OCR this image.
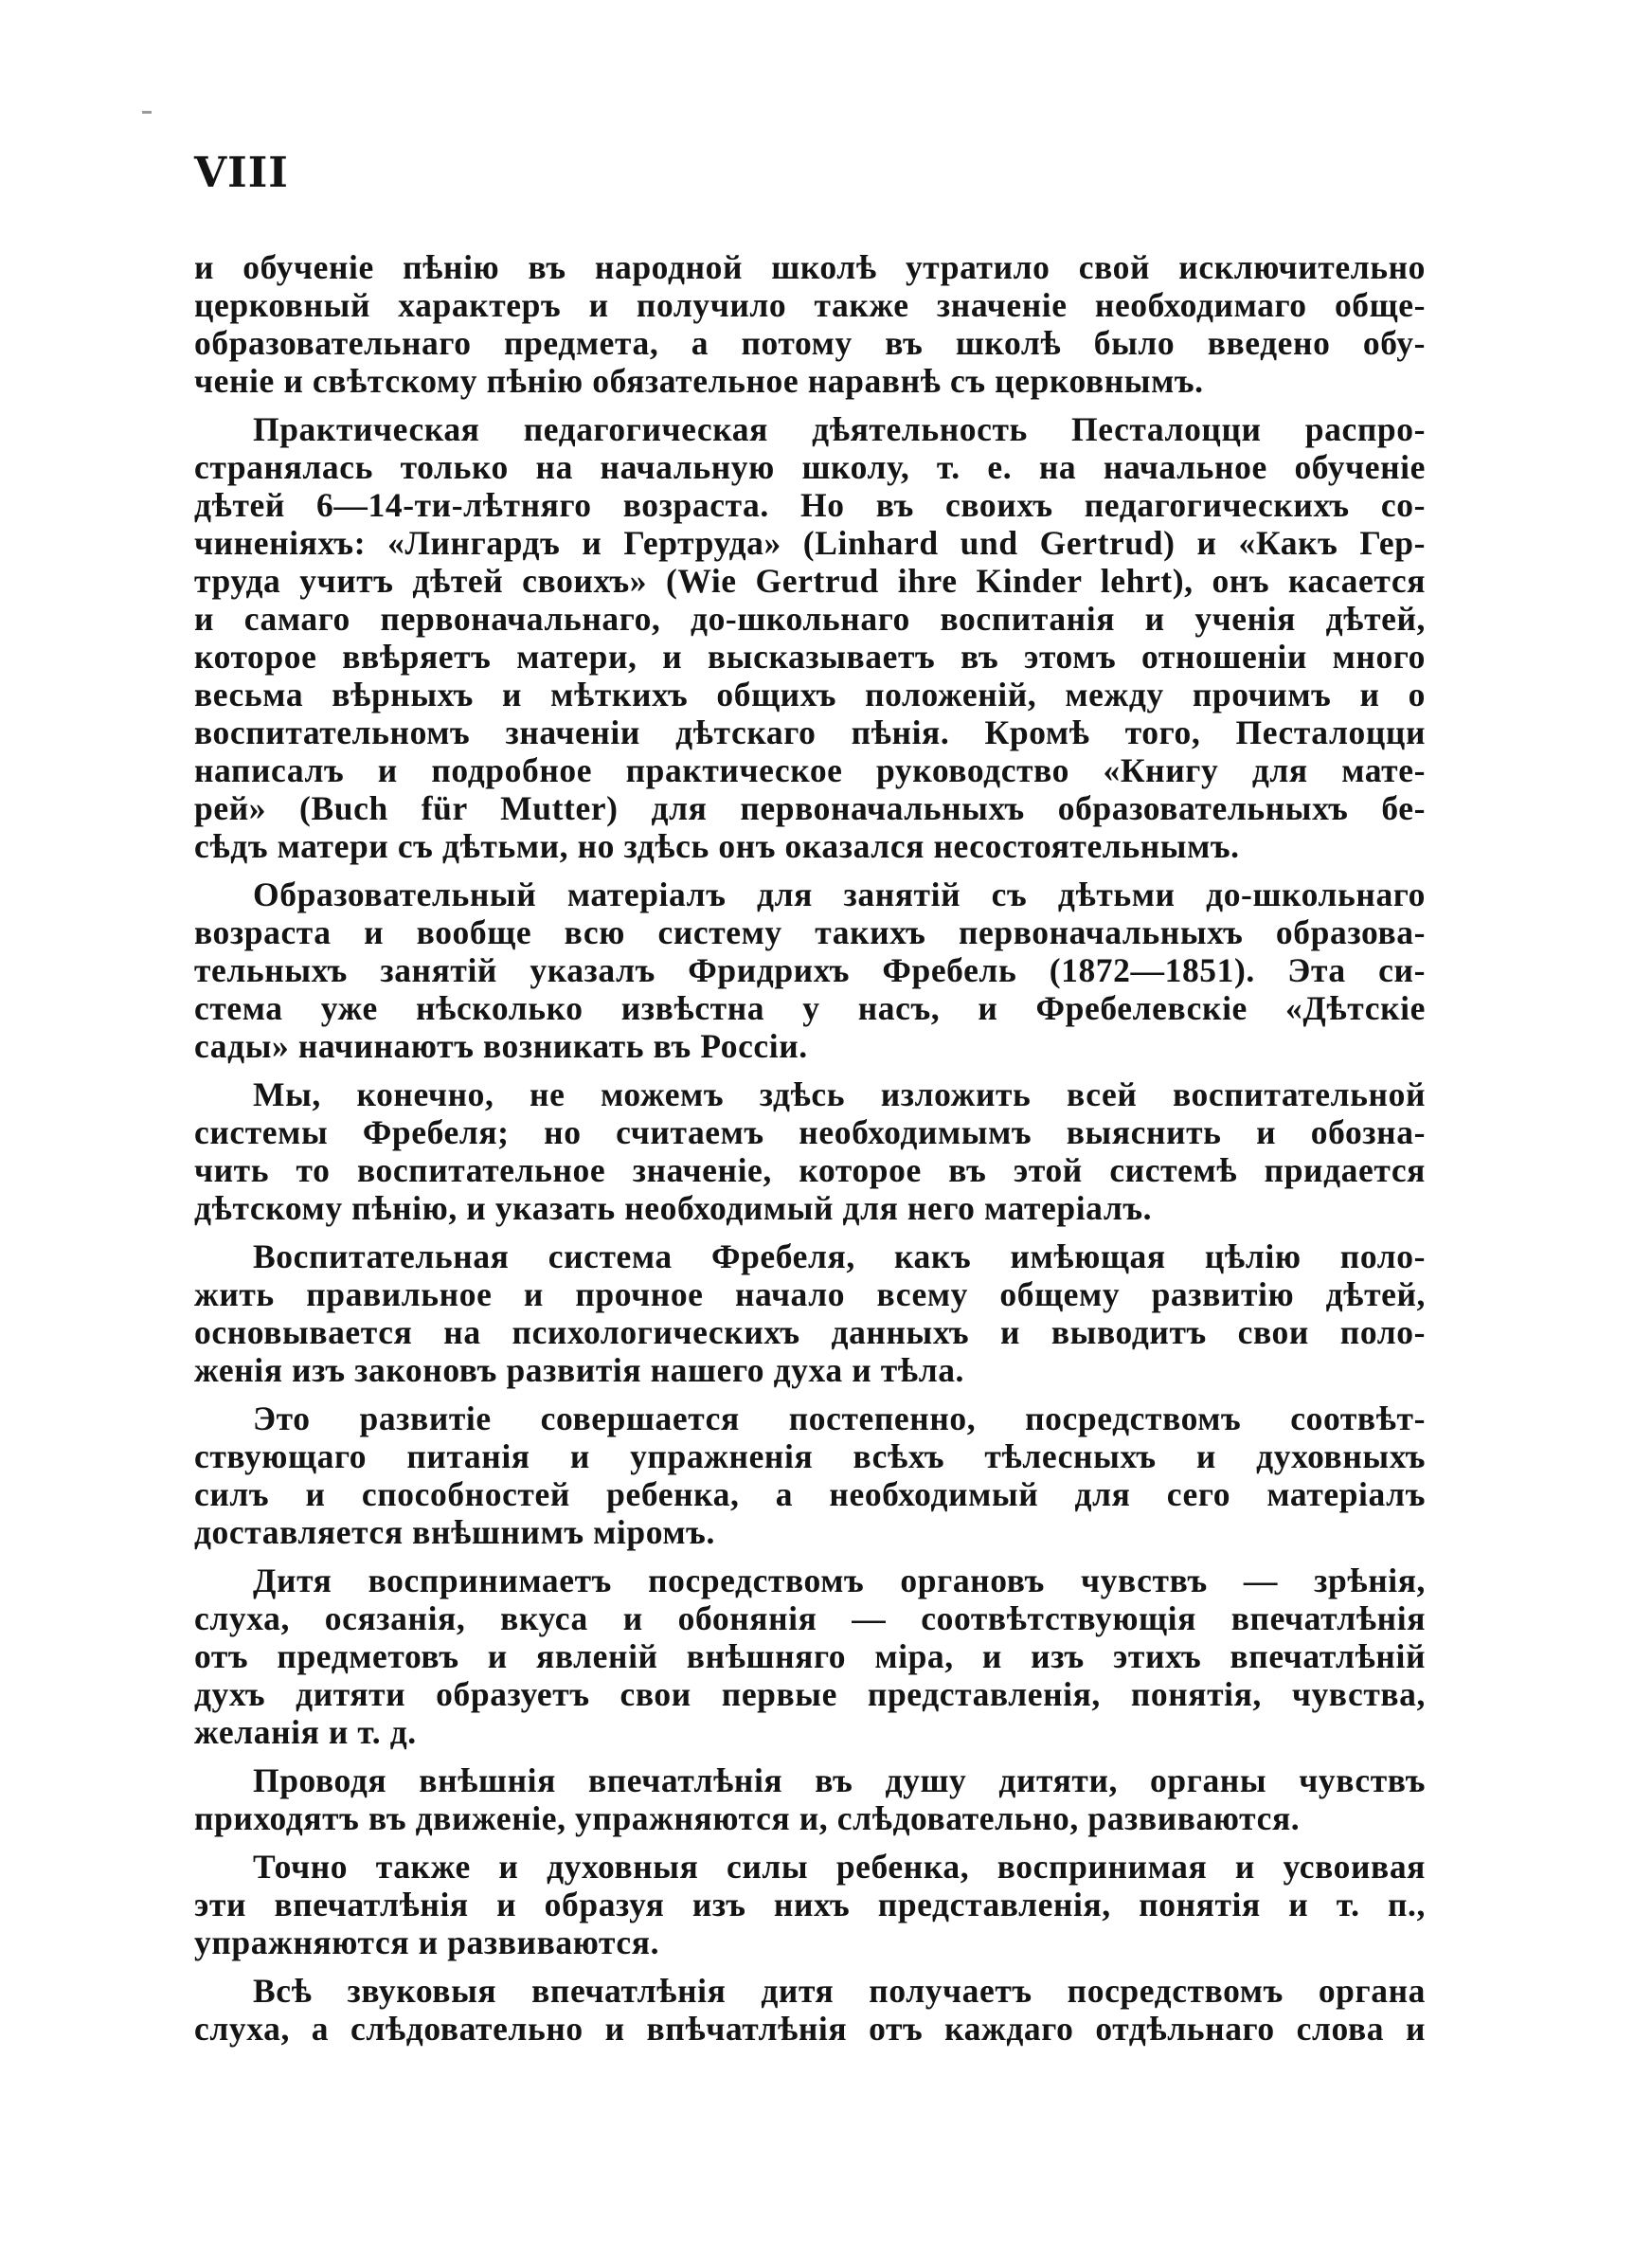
VIII
и обученіе пѣнію въ народной школѣ утратило свой исключительно
церковный характеръ и получило также значеніе необходимаго обще-
образовательнаго предмета, а потому въ школѣ было введено обу-
ченіе и свѣтскому пѣнію обязательное наравнѣ съ церковнымъ.
Практическая педагогическая дѣятельность Песталоцци распро-
странялась только на начальную школу, т. е. на начальное обученіе
дѣтей 6—14-ти-лѣтняго возраста. Но въ своихъ педагогическихъ со-
чиненіяхъ: «Лингардъ и Гертруда» (Linhard und Gertrud) и «Какъ Гер-
труда учитъ дѣтей своихъ» (Wie Gertrud ihre Kinder lehrt), онъ касается
и самаго первоначальнаго, до-школьнаго воспитанія и ученія дѣтей,
которое ввѣряетъ матери, и высказываетъ въ этомъ отношеніи много
весьма вѣрныхъ и мѣткихъ общихъ положеній, между прочимъ и о
воспитательномъ значеніи дѣтскаго пѣнія. Кромѣ того, Песталоцци
написалъ и подробное практическое руководство «Книгу для мате-
рей» (Buch für Mutter) для первоначальныхъ образовательныхъ бе-
сѣдъ матери съ дѣтьми, но здѣсь онъ оказался несостоятельнымъ.
Образовательный матеріалъ для занятій съ дѣтьми до-школьнаго
возраста и вообще всю систему такихъ первоначальныхъ образова-
тельныхъ занятій указалъ Фридрихъ Фребель (1872—1851). Эта си-
стема уже нѣсколько извѣстна у насъ, и Фребелевскіе «Дѣтскіе
сады» начинаютъ возникать въ Россіи.
Мы, конечно, не можемъ здѣсь изложить всей воспитательной
системы Фребеля; но считаемъ необходимымъ выяснить и обозна-
чить то воспитательное значеніе, которое въ этой системѣ придается
дѣтскому пѣнію, и указать необходимый для него матеріалъ.
Воспитательная система Фребеля, какъ имѣющая цѣлію поло-
жить правильное и прочное начало всему общему развитію дѣтей,
основывается на психологическихъ данныхъ и выводитъ свои поло-
женія изъ законовъ развитія нашего духа и тѣла.
Это развитіе совершается постепенно, посредствомъ соотвѣт-
ствующаго питанія и упражненія всѣхъ тѣлесныхъ и духовныхъ
силъ и способностей ребенка, а необходимый для сего матеріалъ
доставляется внѣшнимъ міромъ.
Дитя воспринимаетъ посредствомъ органовъ чувствъ — зрѣнія,
слуха, осязанія, вкуса и обонянія — соотвѣтствующія впечатлѣнія
отъ предметовъ и явленій внѣшняго міра, и изъ этихъ впечатлѣній
духъ дитяти образуетъ свои первые представленія, понятія, чувства,
желанія и т. д.
Проводя внѣшнія впечатлѣнія въ душу дитяти, органы чувствъ
приходятъ въ движеніе, упражняются и, слѣдовательно, развиваются.
Точно также и духовныя силы ребенка, воспринимая и усвоивая
эти впечатлѣнія и образуя изъ нихъ представленія, понятія и т. п.,
упражняются и развиваются.
Всѣ звуковыя впечатлѣнія дитя получаетъ посредствомъ органа
слуха, а слѣдовательно и впѣчатлѣнія отъ каждаго отдѣльнаго слова и
